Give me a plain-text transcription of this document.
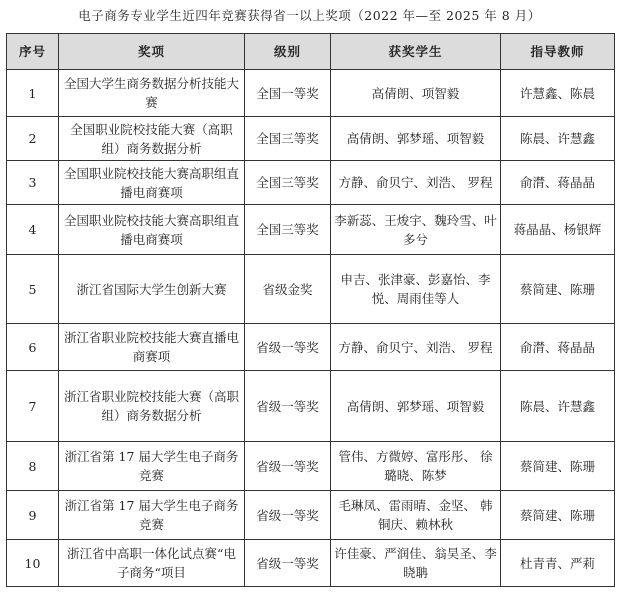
电子商务专业学生近四年竞赛获得省一以上奖项（2022 年—至 2025 年 8 月）
序号	奖项	级别	获奖学生	指导教师
1	全国大学生商务数据分析技能大赛	全国一等奖	高倩朗、项智毅	许慧鑫、陈晨
2	全国职业院校技能大赛（高职组）商务数据分析	全国三等奖	高倩朗、郭梦瑶、项智毅	陈晨、许慧鑫
3	全国职业院校技能大赛高职组直播电商赛项	全国三等奖	方静、俞贝宁、刘浩、 罗程	俞潸、蒋晶晶
4	全国职业院校技能大赛高职组直播电商赛项	全国三等奖	李新蕊、王焌宇、魏玲雪、叶多兮	蒋晶晶、杨银辉
5	浙江省国际大学生创新大赛	省级金奖	申吉、张津豪、彭嘉怡、李悦、周雨佳等人	蔡简建、陈珊
6	浙江省职业院校技能大赛直播电商赛项	省级一等奖	方静、俞贝宁、刘浩、 罗程	俞潸、蒋晶晶
7	浙江省职业院校技能大赛（高职组）商务数据分析	省级一等奖	高倩朗、郭梦瑶、项智毅	陈晨、许慧鑫
8	浙江省第 17 届大学生电子商务竞赛	省级一等奖	管伟、方微婷、富彤彤、 徐璐晓、陈梦	蔡简建、陈珊
9	浙江省第 17 届大学生电子商务竞赛	省级一等奖	毛琳凤、雷雨晴、金坚、 韩铜庆、赖林秋	蔡简建、陈珊
10	浙江省中高职一体化试点赛“电子商务“项目	省级一等奖	许佳豪、严润佳、翁昊圣、李晓聃	杜青青、严莉
